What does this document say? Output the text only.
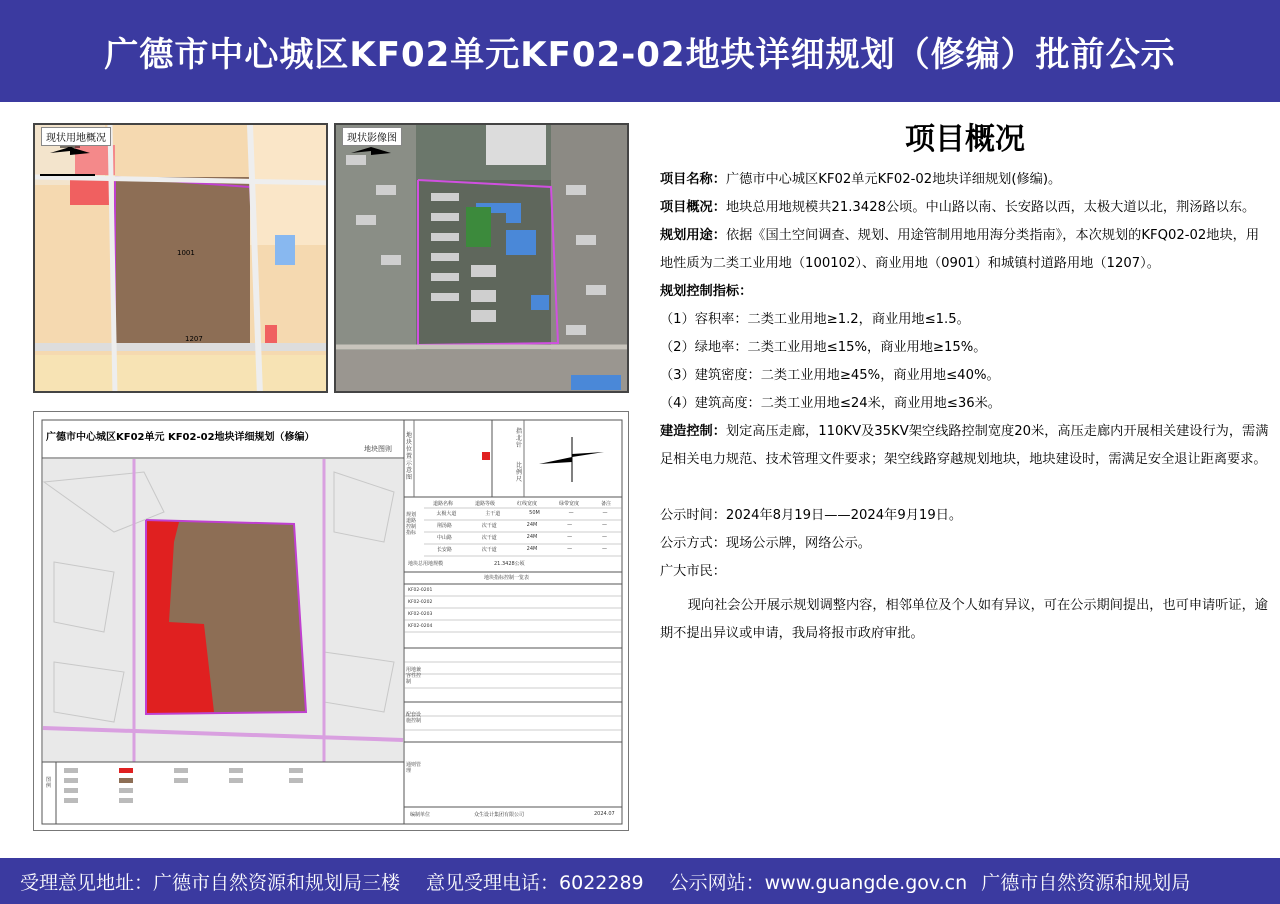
广德市中心城区KF02单元KF02-02地块详细规划（修编）批前公示
现状用地概况
1001
1207
现状影像图
广德市中心城区KF02单元 KF02-02地块详细规划（修编）
地块图则
地块位置示意图
指北针
比例尺
规划道路控制指标
道路名称	道路等级	红线宽度	绿带宽度	备注
太极大道	主干道	50M	—	—
荆汤路	次干道	24M	—	—
中山路	次干道	24M	—	—
长安路	次干道	24M	—	—
地块总用地规模	21.3428公顷
地块指标控制一览表
KF02-0201
KF02-0202
KF02-0203
KF02-0204
用地兼容性控制
配套设施控制
通则管理
图例
编制单位	众生设计集团有限公司	2024.07
项目概况

项目名称：广德市中心城区KF02单元KF02-02地块详细规划(修编)。

项目概况：地块总用地规模共21.3428公顷。中山路以南、长安路以西，太极大道以北，荆汤路以东。

规划用途：依据《国土空间调查、规划、用途管制用地用海分类指南》，本次规划的KFQ02-02地块，用地性质为二类工业用地（100102）、商业用地（0901）和城镇村道路用地（1207）。

规划控制指标：

（1）容积率：二类工业用地≥1.2，商业用地≤1.5。

（2）绿地率：二类工业用地≤15%，商业用地≥15%。

（3）建筑密度：二类工业用地≥45%，商业用地≤40%。

（4）建筑高度：二类工业用地≤24米，商业用地≤36米。

建造控制：划定高压走廊，110KV及35KV架空线路控制宽度20米，高压走廊内开展相关建设行为，需满足相关电力规范、技术管理文件要求；架空线路穿越规划地块，地块建设时，需满足安全退让距离要求。

公示时间：2024年8月19日——2024年9月19日。

公示方式：现场公示牌，网络公示。

广大市民：

现向社会公开展示规划调整内容，相邻单位及个人如有异议，可在公示期间提出，也可申请听证，逾期不提出异议或申请，我局将报市政府审批。

受理意见地址：广德市自然资源和规划局三楼 意见受理电话：6022289 公示网站：www.guangde.gov.cn 广德市自然资源和规划局
